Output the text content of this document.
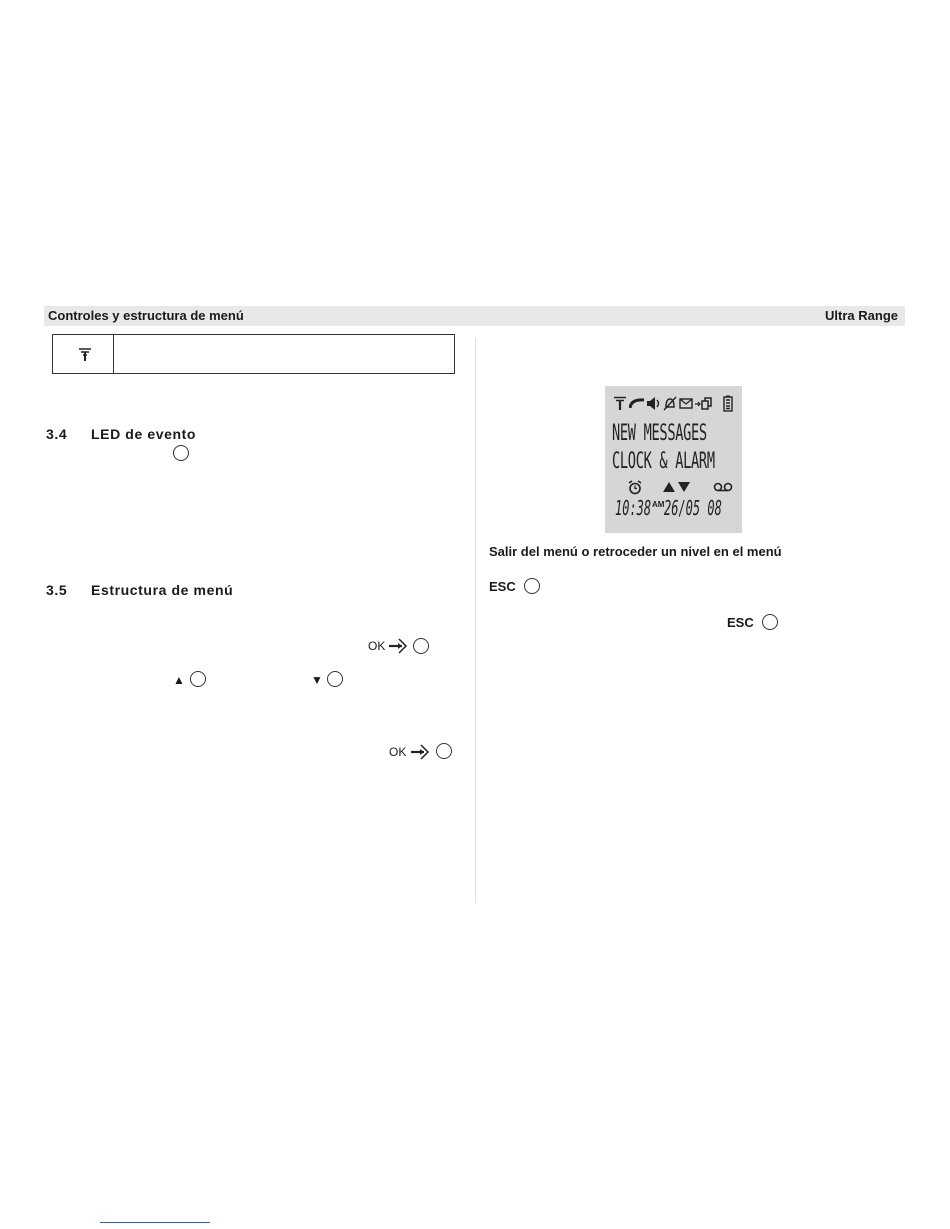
Controles y estructura de menú	Ultra Range
3.4 LED de evento
3.5 Estructura de menú
OK
▲	▼
OK
NEW MESSAGES
CLOCK & ALARM
10:38 AM 26/05 08
Salir del menú o retroceder un nivel en el menú
ESC
ESC
